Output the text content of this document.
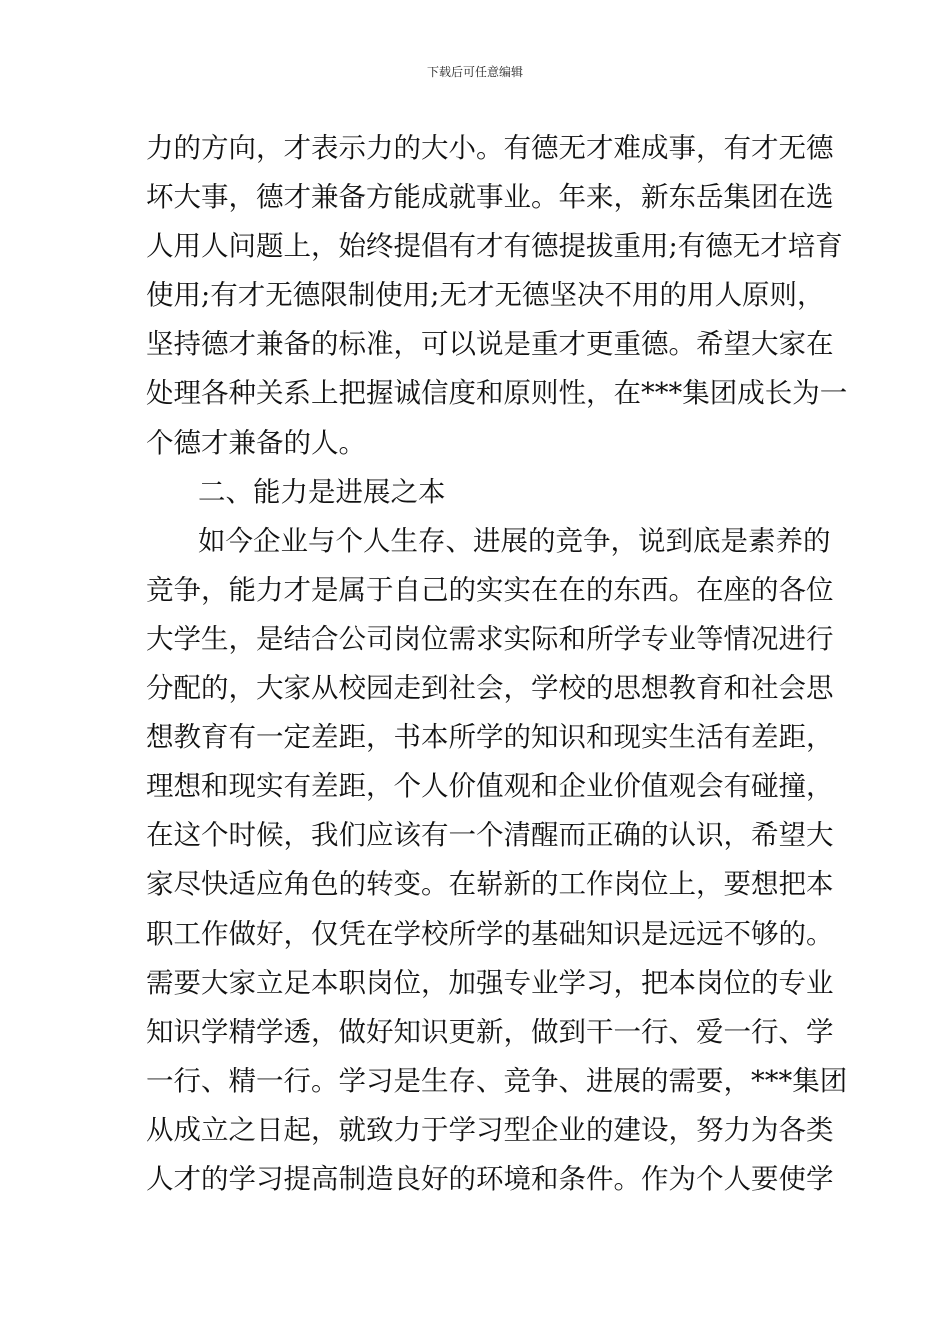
下载后可任意编辑
力的方向，才表示力的大小。有德无才难成事，有才无德
坏大事，德才兼备方能成就事业。年来，新东岳集团在选
人用人问题上，始终提倡有才有德提拔重用;有德无才培育
使用;有才无德限制使用;无才无德坚决不用的用人原则，
坚持德才兼备的标准，可以说是重才更重德。希望大家在
处理各种关系上把握诚信度和原则性，在***集团成长为一
个德才兼备的人。
二、能力是进展之本
如今企业与个人生存、进展的竞争，说到底是素养的
竞争，能力才是属于自己的实实在在的东西。在座的各位
大学生，是结合公司岗位需求实际和所学专业等情况进行
分配的，大家从校园走到社会，学校的思想教育和社会思
想教育有一定差距，书本所学的知识和现实生活有差距，
理想和现实有差距，个人价值观和企业价值观会有碰撞，
在这个时候，我们应该有一个清醒而正确的认识，希望大
家尽快适应角色的转变。在崭新的工作岗位上，要想把本
职工作做好，仅凭在学校所学的基础知识是远远不够的。
需要大家立足本职岗位，加强专业学习，把本岗位的专业
知识学精学透，做好知识更新，做到干一行、爱一行、学
一行、精一行。学习是生存、竞争、进展的需要，***集团
从成立之日起，就致力于学习型企业的建设，努力为各类
人才的学习提高制造良好的环境和条件。作为个人要使学
